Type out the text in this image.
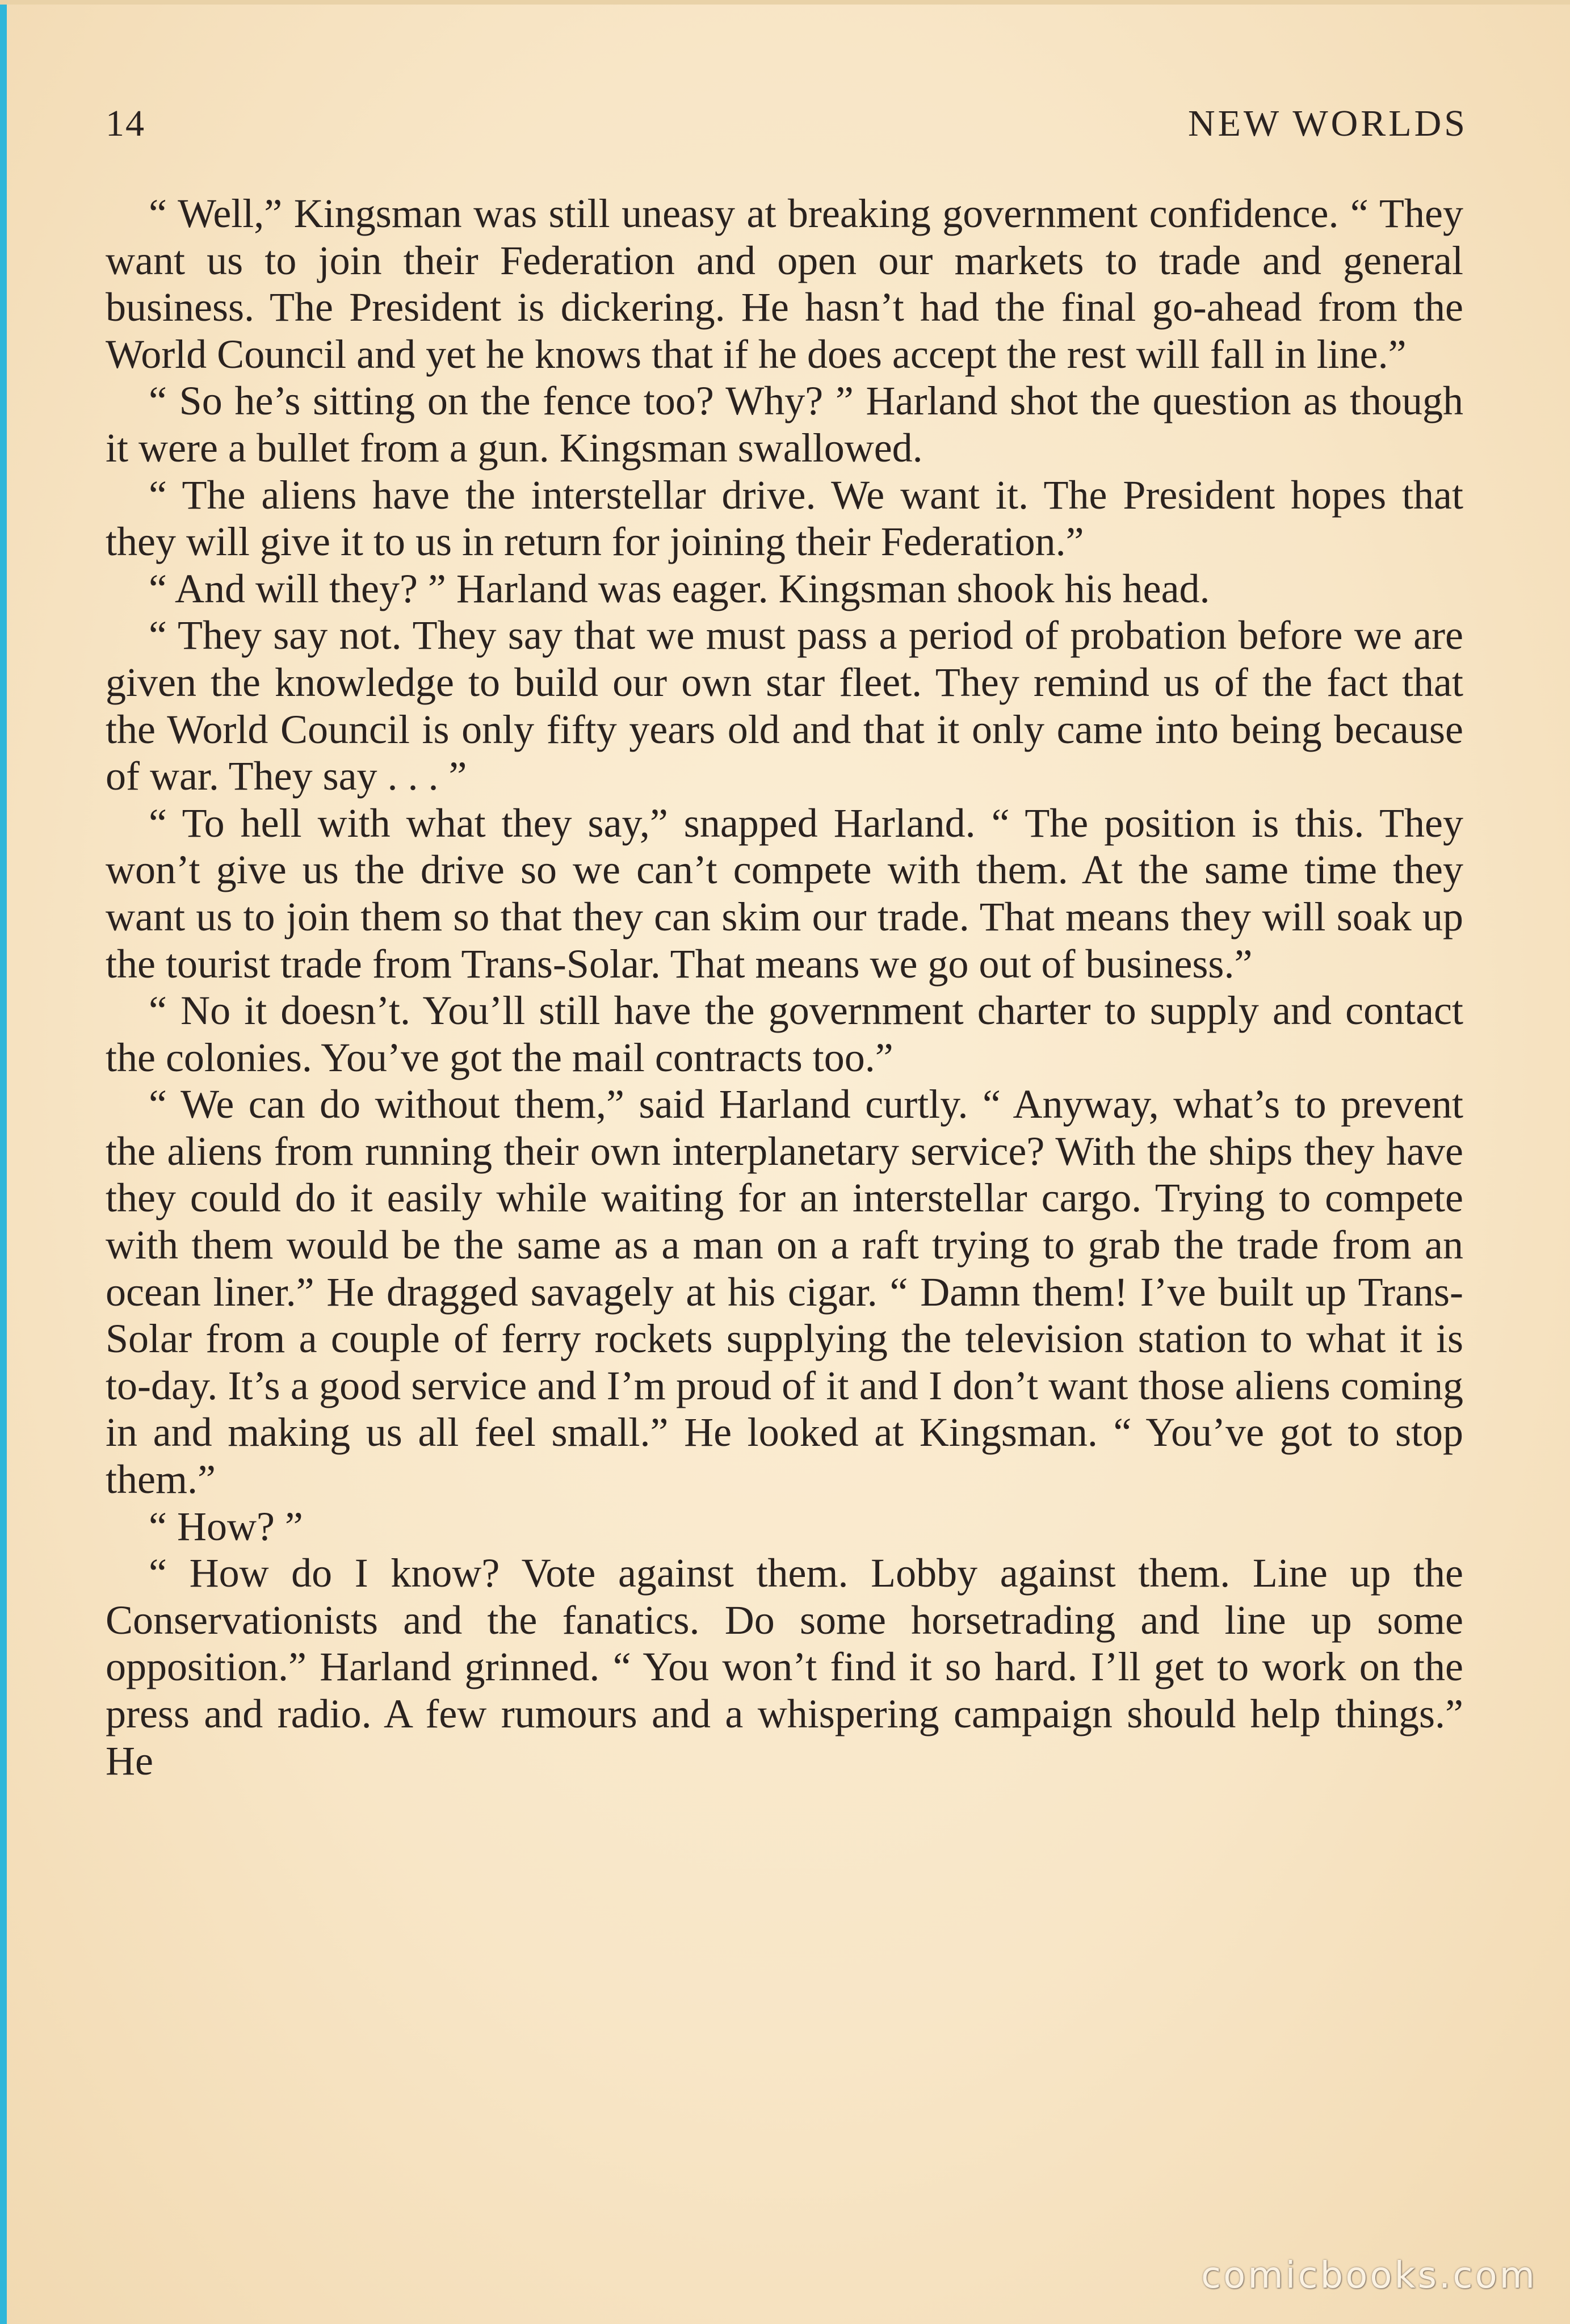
14	NEW WORLDS

“ Well,” Kingsman was still uneasy at breaking government confidence. “ They want us to join their Federation and open our markets to trade and general business. The President is dickering. He hasn’t had the final go-ahead from the World Council and yet he knows that if he does accept the rest will fall in line.”

“ So he’s sitting on the fence too? Why? ” Harland shot the question as though it were a bullet from a gun. Kingsman swallowed.

“ The aliens have the interstellar drive. We want it. The President hopes that they will give it to us in return for joining their Federation.”

“ And will they? ” Harland was eager. Kingsman shook his head.

“ They say not. They say that we must pass a period of probation before we are given the knowledge to build our own star fleet. They remind us of the fact that the World Council is only fifty years old and that it only came into being because of war. They say . . . ”

“ To hell with what they say,” snapped Harland. “ The position is this. They won’t give us the drive so we can’t compete with them. At the same time they want us to join them so that they can skim our trade. That means they will soak up the tourist trade from Trans-Solar. That means we go out of business.”

“ No it doesn’t. You’ll still have the government charter to supply and contact the colonies. You’ve got the mail contracts too.”

“ We can do without them,” said Harland curtly. “ Anyway, what’s to prevent the aliens from running their own interplanetary service? With the ships they have they could do it easily while waiting for an interstellar cargo. Trying to compete with them would be the same as a man on a raft trying to grab the trade from an ocean liner.” He dragged savagely at his cigar. “ Damn them! I’ve built up Trans-Solar from a couple of ferry rockets supplying the television station to what it is to-day. It’s a good service and I’m proud of it and I don’t want those aliens coming in and making us all feel small.” He looked at Kingsman. “ You’ve got to stop them.”

“ How? ”

“ How do I know? Vote against them. Lobby against them. Line up the Conservationists and the fanatics. Do some horsetrading and line up some opposition.” Harland grinned. “ You won’t find it so hard. I’ll get to work on the press and radio. A few rumours and a whispering campaign should help things.” He

comicbooks.com
